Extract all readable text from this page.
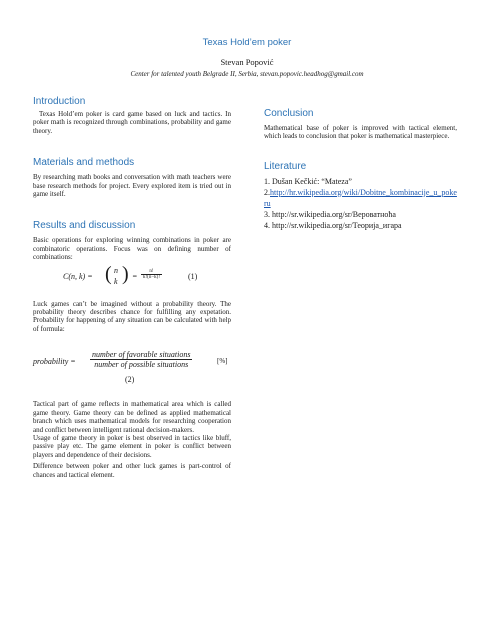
Texas Hold’em poker
Stevan Popović
Center for talented youth Belgrade II, Serbia, stevan.popovic.headhog@gmail.com
Introduction

Texas Hold’em poker is card game based on luck and tactics. In poker math is recognized through combinations, probability and game theory.

Materials and methods

By researching math books and conversation with math teachers were base research methods for project. Every explored item is tried out in game itself.

Results and discussion

Basic operations for exploring winning combinations in poker are combinatoric operations. Focus was on defining number of combinations:

C(n, k) = ( n
k ) = $\frac{n!}{k!(n-k)!}$	(1)

Luck games can’t be imagined without a probability theory. The probability theory describes chance for fulfilling any expetation. Probability for happening of any situation can be calculated with help of formula:

probability = $\frac{\text{number of favorable situations}}{\text{number of possible situations}}$	[%]
(2)

Tactical part of game reflects in mathematical area which is called game theory. Game theory can be defined as applied mathematical branch which uses mathematical models for researching cooperation and conflict between intelligent rational decision-makers.

Usage of game theory in poker is best observed in tactics like bluff, passive play etc. The game element in poker is conflict between players and dependence of their decisions.

Difference between poker and other luck games is part-control of chances and tactical element.

Conclusion

Mathematical base of poker is improved with tactical element, which leads to conclusion that poker is mathematical masterpiece.

Literature

1. Dušan Kečkić: “Mateza”

2.http://hr.wikipedia.org/wiki/Dobitne_kombinacije_u_pokeru

3. http://sr.wikipedia.org/sr/Вероватноћа

4. http://sr.wikipedia.org/sr/Теорија_игара
